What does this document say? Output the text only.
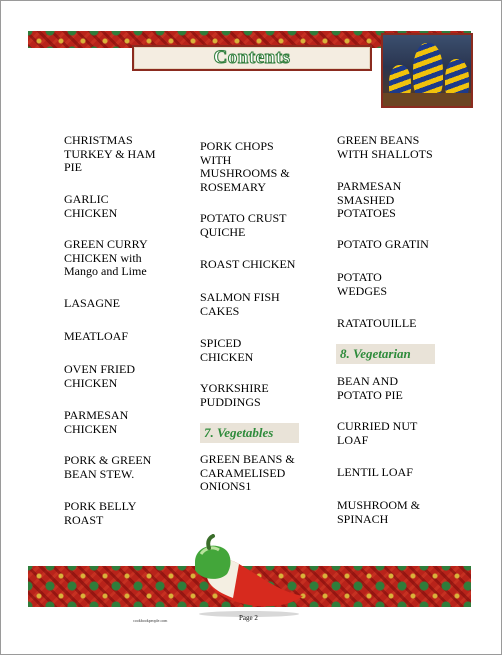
Contents
CHRISTMAS TURKEY & HAM PIE
GARLIC CHICKEN
GREEN CURRY CHICKEN with Mango and Lime
LASAGNE
MEATLOAF
OVEN FRIED CHICKEN
PARMESAN CHICKEN
PORK & GREEN BEAN STEW.
PORK BELLY ROAST
PORK CHOPS WITH MUSHROOMS & ROSEMARY
POTATO CRUST QUICHE
ROAST CHICKEN
SALMON FISH CAKES
SPICED CHICKEN
YORKSHIRE PUDDINGS
7. Vegetables
GREEN BEANS & CARAMELISED ONIONS1
GREEN BEANS WITH SHALLOTS
PARMESAN SMASHED POTATOES
POTATO GRATIN
POTATO WEDGES
RATATOUILLE
8. Vegetarian
BEAN AND POTATO PIE
CURRIED NUT LOAF
LENTIL LOAF
MUSHROOM & SPINACH
cookbookpeople.com	Page 2
